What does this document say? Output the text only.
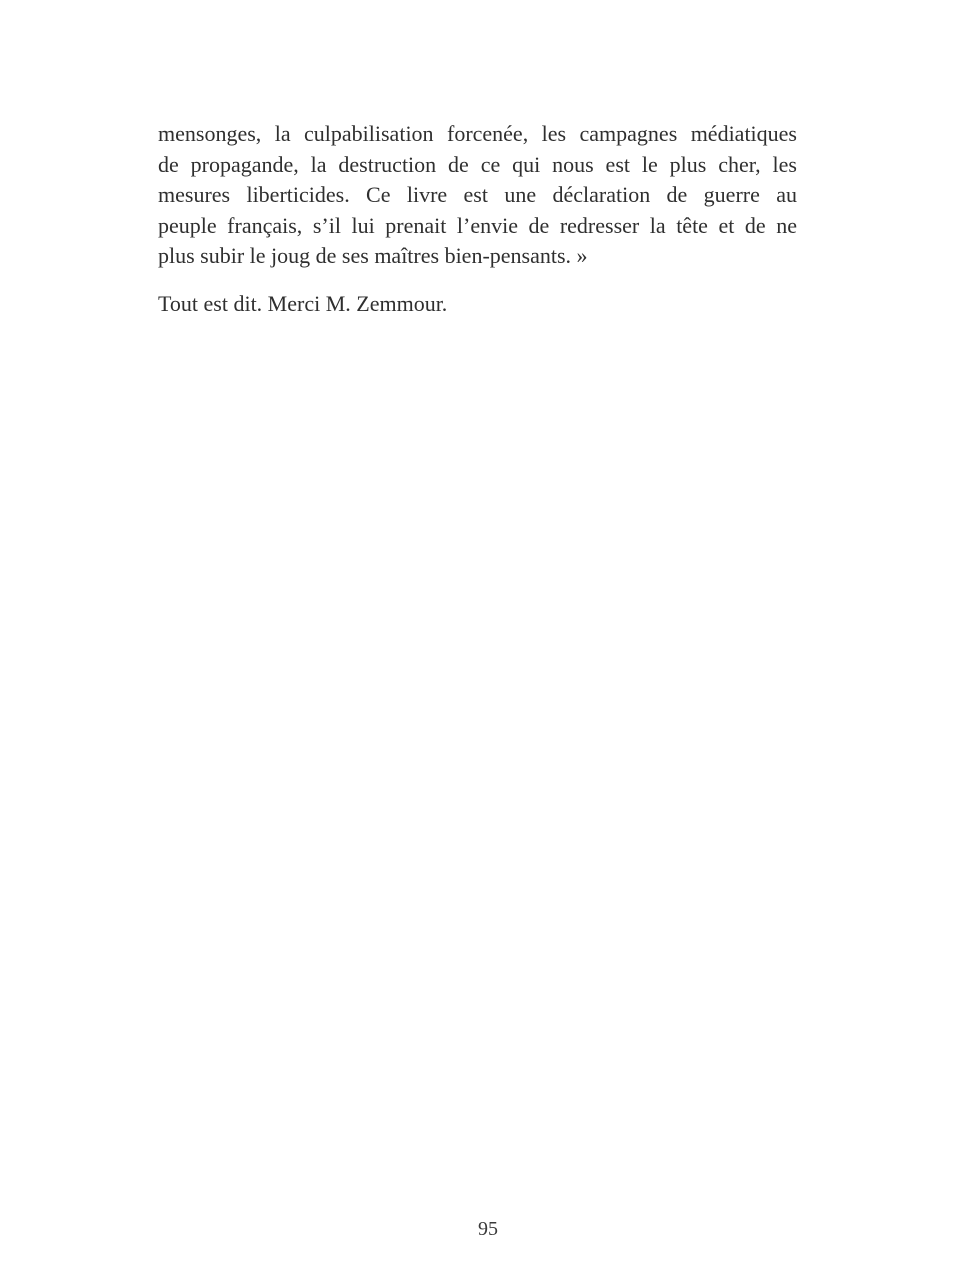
mensonges, la culpabilisation forcenée, les campagnes médiatiques
de propagande, la destruction de ce qui nous est le plus cher, les
mesures liberticides. Ce livre est une déclaration de guerre au
peuple français, s’il lui prenait l’envie de redresser la tête et de ne
plus subir le joug de ses maîtres bien-pensants. »

Tout est dit. Merci M. Zemmour.

95
